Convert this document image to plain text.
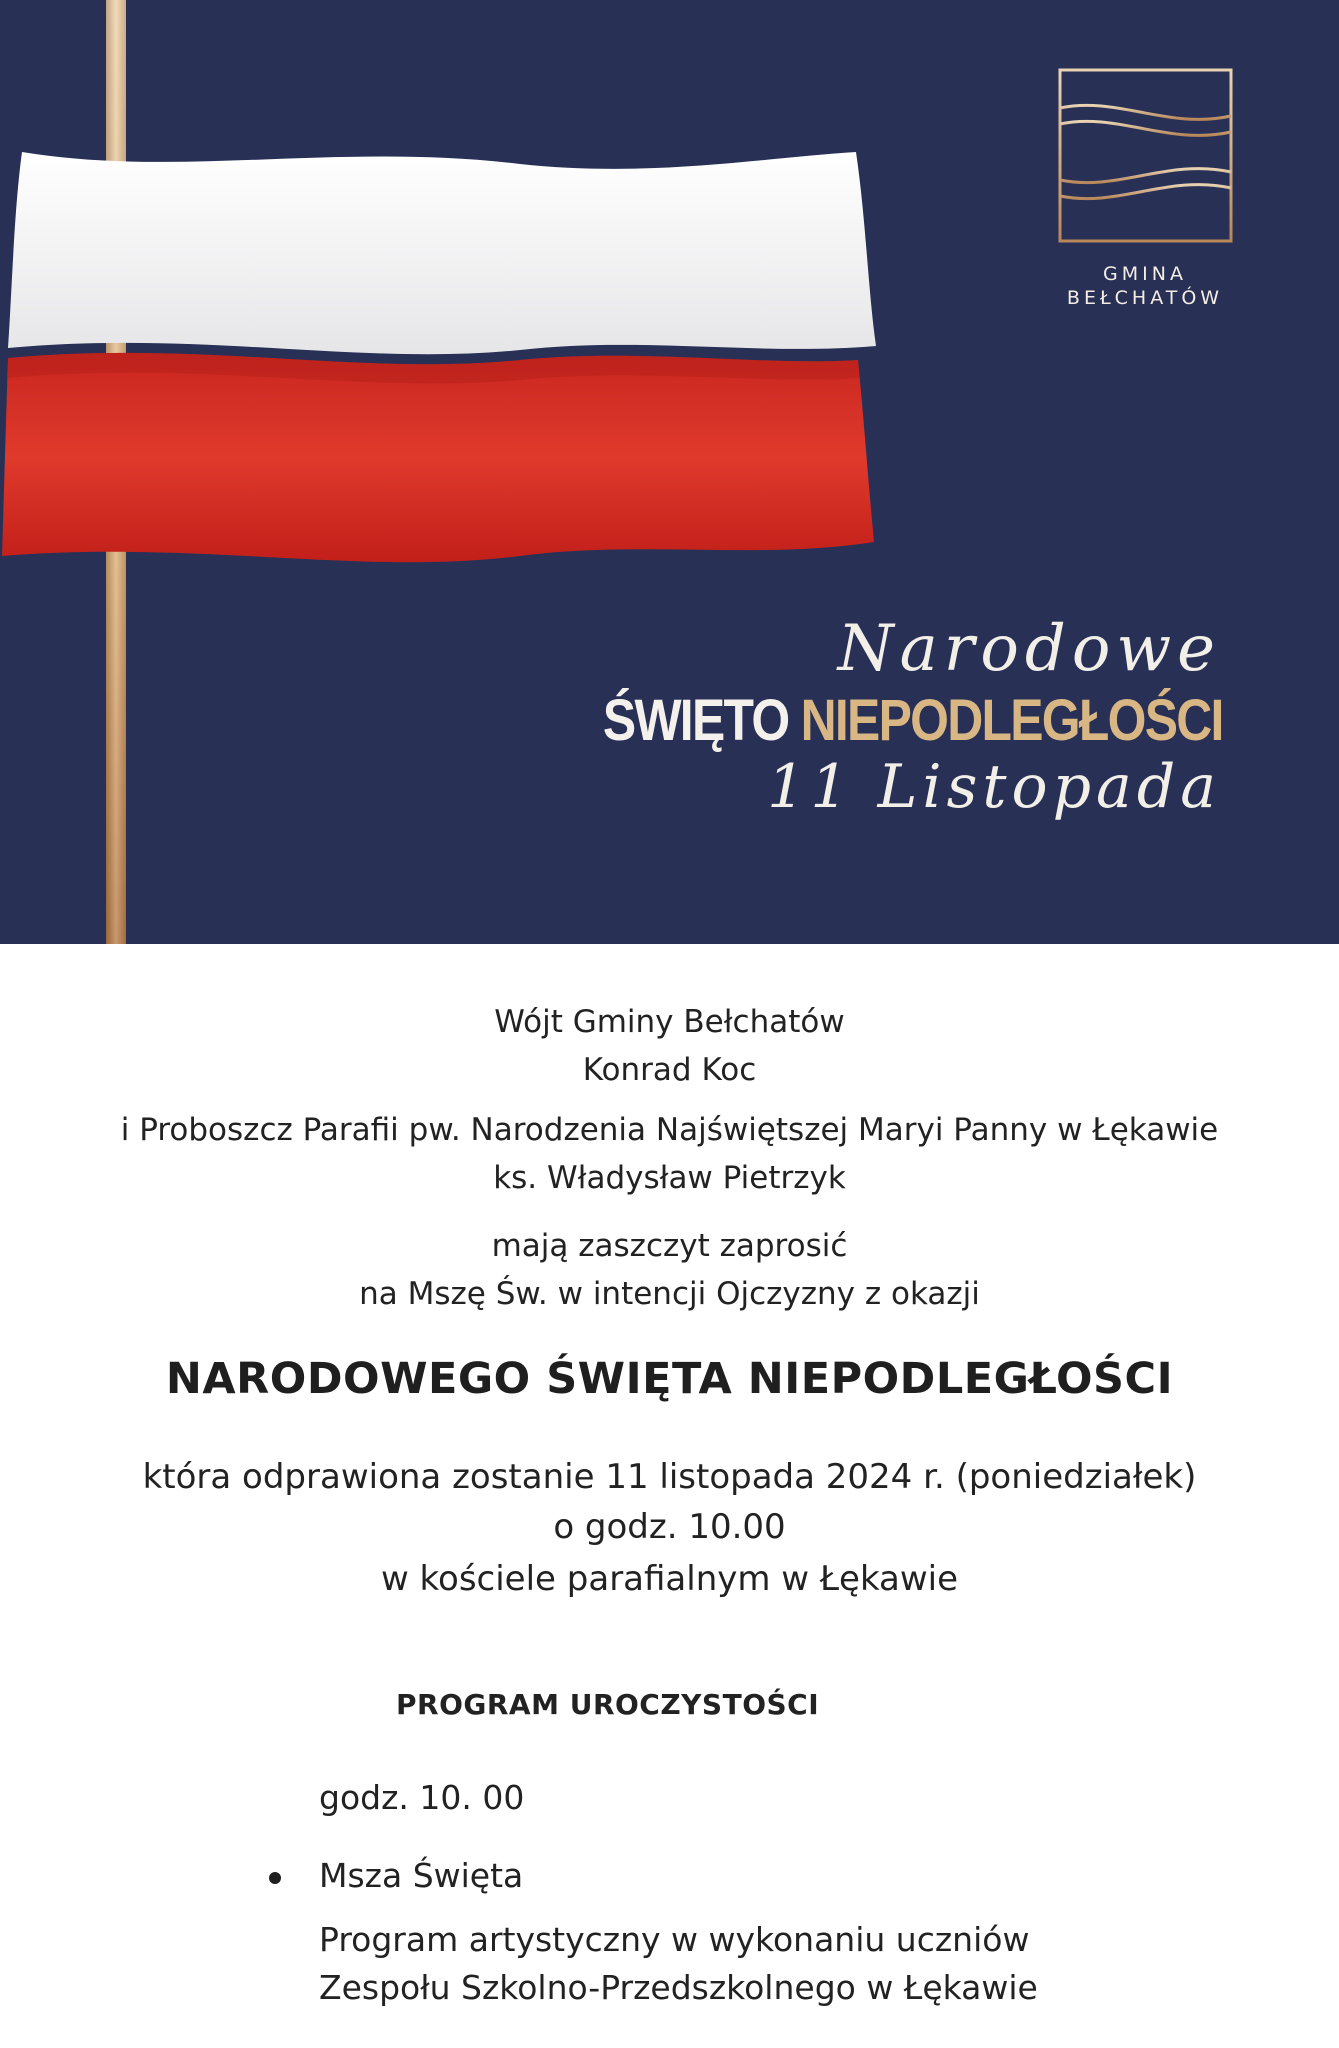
GMINA
BEŁCHATÓW
Narodowe
ŚWIĘTO NIEPODLEGŁOŚCI
11 Listopada
Wójt Gminy Bełchatów
Konrad Koc
i Proboszcz Parafii pw. Narodzenia Najświętszej Maryi Panny w Łękawie
ks. Władysław Pietrzyk
mają zaszczyt zaprosić
na Mszę Św. w intencji Ojczyzny z okazji
NARODOWEGO ŚWIĘTA NIEPODLEGŁOŚCI
która odprawiona zostanie 11 listopada 2024 r. (poniedziałek)
o godz. 10.00
w kościele parafialnym w Łękawie
PROGRAM UROCZYSTOŚCI
godz. 10. 00
Msza Święta
Program artystyczny w wykonaniu uczniów
Zespołu Szkolno-Przedszkolnego w Łękawie
